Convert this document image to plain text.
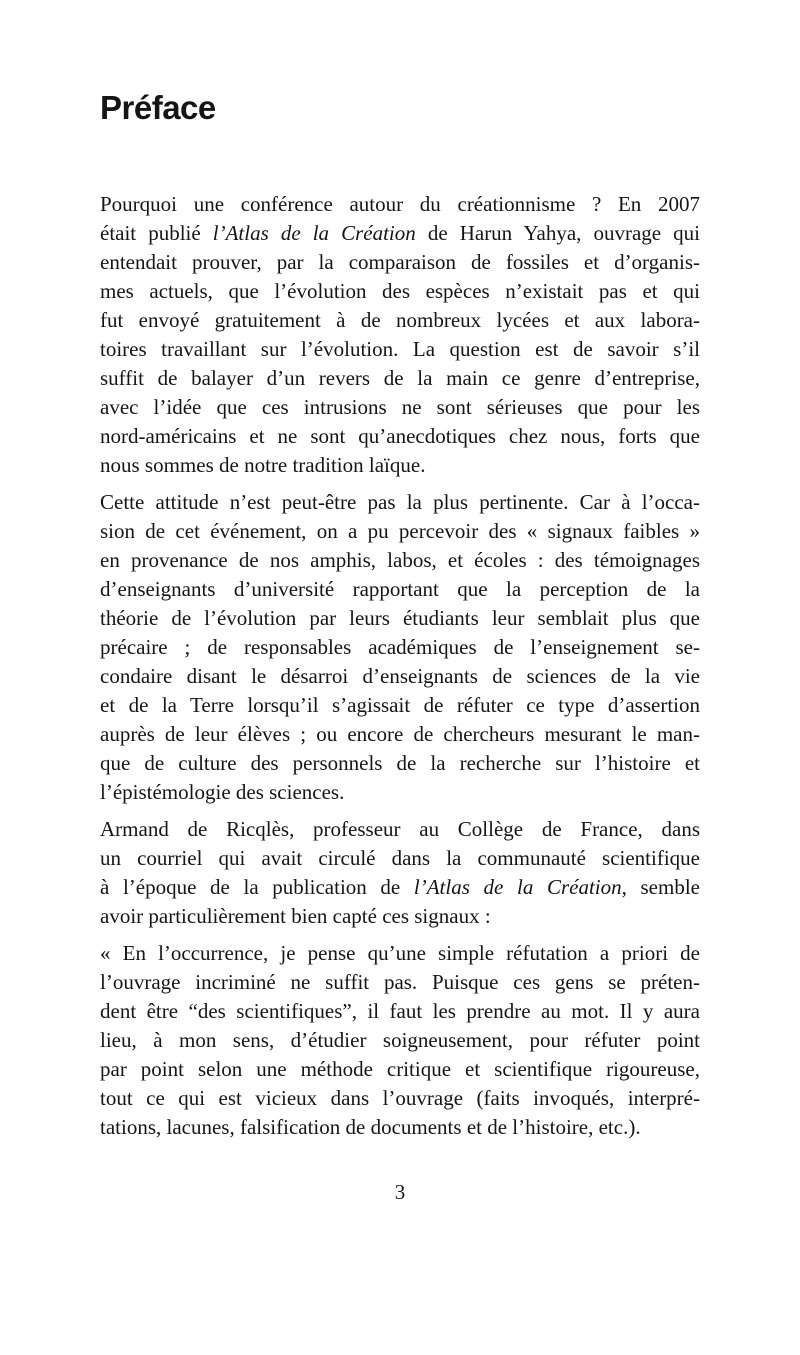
Préface
Pourquoi une conférence autour du créationnisme ? En 2007
était publié l’Atlas de la Création de Harun Yahya, ouvrage qui
entendait prouver, par la comparaison de fossiles et d’organis-
mes actuels, que l’évolution des espèces n’existait pas et qui
fut envoyé gratuitement à de nombreux lycées et aux labora-
toires travaillant sur l’évolution. La question est de savoir s’il
suffit de balayer d’un revers de la main ce genre d’entreprise,
avec l’idée que ces intrusions ne sont sérieuses que pour les
nord-américains et ne sont qu’anecdotiques chez nous, forts que
nous sommes de notre tradition laïque.
Cette attitude n’est peut-être pas la plus pertinente. Car à l’occa-
sion de cet événement, on a pu percevoir des « signaux faibles »
en provenance de nos amphis, labos, et écoles : des témoignages
d’enseignants d’université rapportant que la perception de la
théorie de l’évolution par leurs étudiants leur semblait plus que
précaire ; de responsables académiques de l’enseignement se-
condaire disant le désarroi d’enseignants de sciences de la vie
et de la Terre lorsqu’il s’agissait de réfuter ce type d’assertion
auprès de leur élèves ; ou encore de chercheurs mesurant le man-
que de culture des personnels de la recherche sur l’histoire et
l’épistémologie des sciences.
Armand de Ricqlès, professeur au Collège de France, dans
un courriel qui avait circulé dans la communauté scientifique
à l’époque de la publication de l’Atlas de la Création, semble
avoir particulièrement bien capté ces signaux :
« En l’occurrence, je pense qu’une simple réfutation a priori de
l’ouvrage incriminé ne suffit pas. Puisque ces gens se préten-
dent être “des scientifiques”, il faut les prendre au mot. Il y aura
lieu, à mon sens, d’étudier soigneusement, pour réfuter point
par point selon une méthode critique et scientifique rigoureuse,
tout ce qui est vicieux dans l’ouvrage (faits invoqués, interpré-
tations, lacunes, falsification de documents et de l’histoire, etc.).
3
